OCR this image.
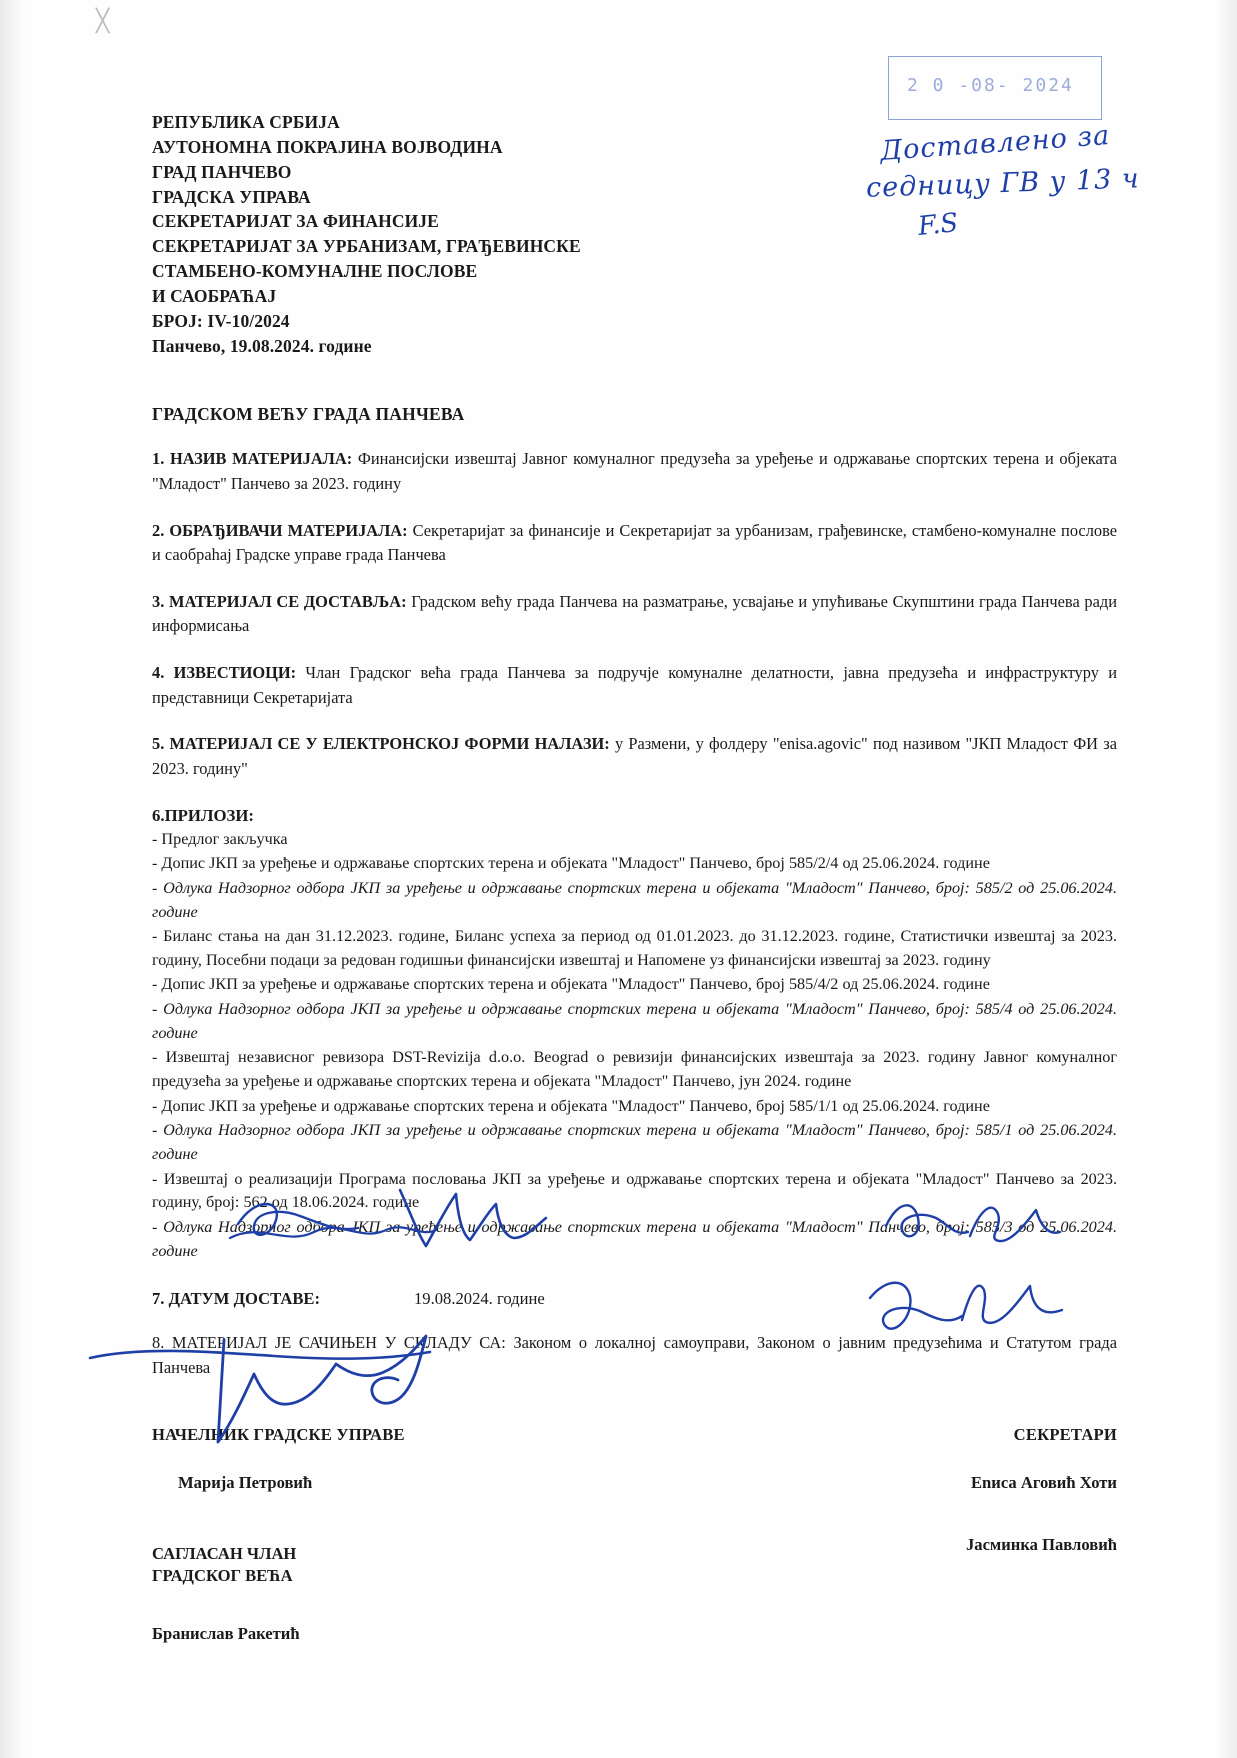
╳
2 0 -08- 2024
Доставлено за
седницу ГВ у 13 ч
F.S
РЕПУБЛИКА СРБИЈА
АУТОНОМНА ПОКРАЈИНА ВОЈВОДИНА
ГРАД ПАНЧЕВО
ГРАДСКА УПРАВА
СЕКРЕТАРИЈАТ ЗА ФИНАНСИЈЕ
СЕКРЕТАРИЈАТ ЗА УРБАНИЗАМ, ГРАЂЕВИНСКЕ
СТАМБЕНО-КОМУНАЛНЕ ПОСЛОВЕ
И САОБРАЋАЈ
БРОЈ: IV-10/2024
Панчево, 19.08.2024. године
ГРАДСКОМ ВЕЋУ ГРАДА ПАНЧЕВА
1. НАЗИВ МАТЕРИЈАЛА: Финансијски извештај Јавног комуналног предузећа за уређење и одржавање спортских терена и објеката "Младост" Панчево за 2023. годину
2. ОБРАЂИВАЧИ МАТЕРИЈАЛА: Секретаријат за финансије и Секретаријат за урбанизам, грађевинске, стамбено-комуналне послове и саобрahaj Градске управе града Панчева
3. МАТЕРИЈАЛ СЕ ДОСТАВЉА: Градском већу града Панчева на разматрање, усвајање и упућивање Скупштини града Панчева ради информисања
4. ИЗВЕСТИОЦИ: Члан Градског већа града Панчева за подручје комуналне делатности, јавна предузећа и инфраструктуру и представници Секретаријата
5. МАТЕРИЈАЛ СЕ У ЕЛЕКТРОНСКОЈ ФОРМИ НАЛАЗИ: у Размени, у фолдеру "enisa.agovic" под називом "ЈКП Младост ФИ за 2023. годину"
6.ПРИЛОЗИ:
- Предлог закључка
- Допис ЈКП за уређење и одржавање спортских терена и објеката "Младост" Панчево, број 585/2/4 од 25.06.2024. године
- Одлука Надзорног одбора ЈКП за уређење и одржавање спортских терена и објеката "Младост" Панчево, број: 585/2 од 25.06.2024. године
- Биланс стања на дан 31.12.2023. године, Биланс успеха за период од 01.01.2023. до 31.12.2023. године, Статистички извештај за 2023. годину, Посебни подаци за редован годишњи финансијски извештај и Напомене уз финансијски извештај за 2023. годину
- Допис ЈКП за уређење и одржавање спортских терена и објеката "Младост" Панчево, број 585/4/2 од 25.06.2024. године
- Одлука Надзорног одбора ЈКП за уређење и одржавање спортских терена и објеката "Младост" Панчево, број: 585/4 од 25.06.2024. године
- Извештај независног ревизора DST-Revizija d.o.o. Beograd о ревизији финансијских извештаја за 2023. годину Јавног комуналног предузећа за уређење и одржавање спортских терена и објеката "Младост" Панчево, јун 2024. године
- Допис ЈКП за уређење и одржавање спортских терена и објеката "Младост" Панчево, број 585/1/1 од 25.06.2024. године
- Одлука Надзорног одбора ЈКП за уређење и одржавање спортских терена и објеката "Младост" Панчево, број: 585/1 од 25.06.2024. године
- Извештај о реализацији Програма пословања ЈКП за уређење и одржавање спортских терена и објеката "Младост" Панчево за 2023. годину, број: 562 од 18.06.2024. године
- Одлука Надзорног одбора ЈКП за уређење и одржавање спортских терена и објеката "Младост" Панчево, број: 585/3 од 25.06.2024. године
7. ДАТУМ ДОСТАВЕ:	19.08.2024. године
8. МАТЕРИЈАЛ ЈЕ САЧИЊЕН У СКЛАДУ СА: Законом о локалној самоуправи, Законом о јавним предузећима и Статутом града Панчева
НАЧЕЛНИК ГРАДСКЕ УПРАВЕ
Марија Петровић
СЕКРЕТАРИ
Еnиса Аговић Хоти
Јасминка Павловић
САГЛАСАН ЧЛАН
ГРАДСКОГ ВЕЋА
Бранислав Ракетић
